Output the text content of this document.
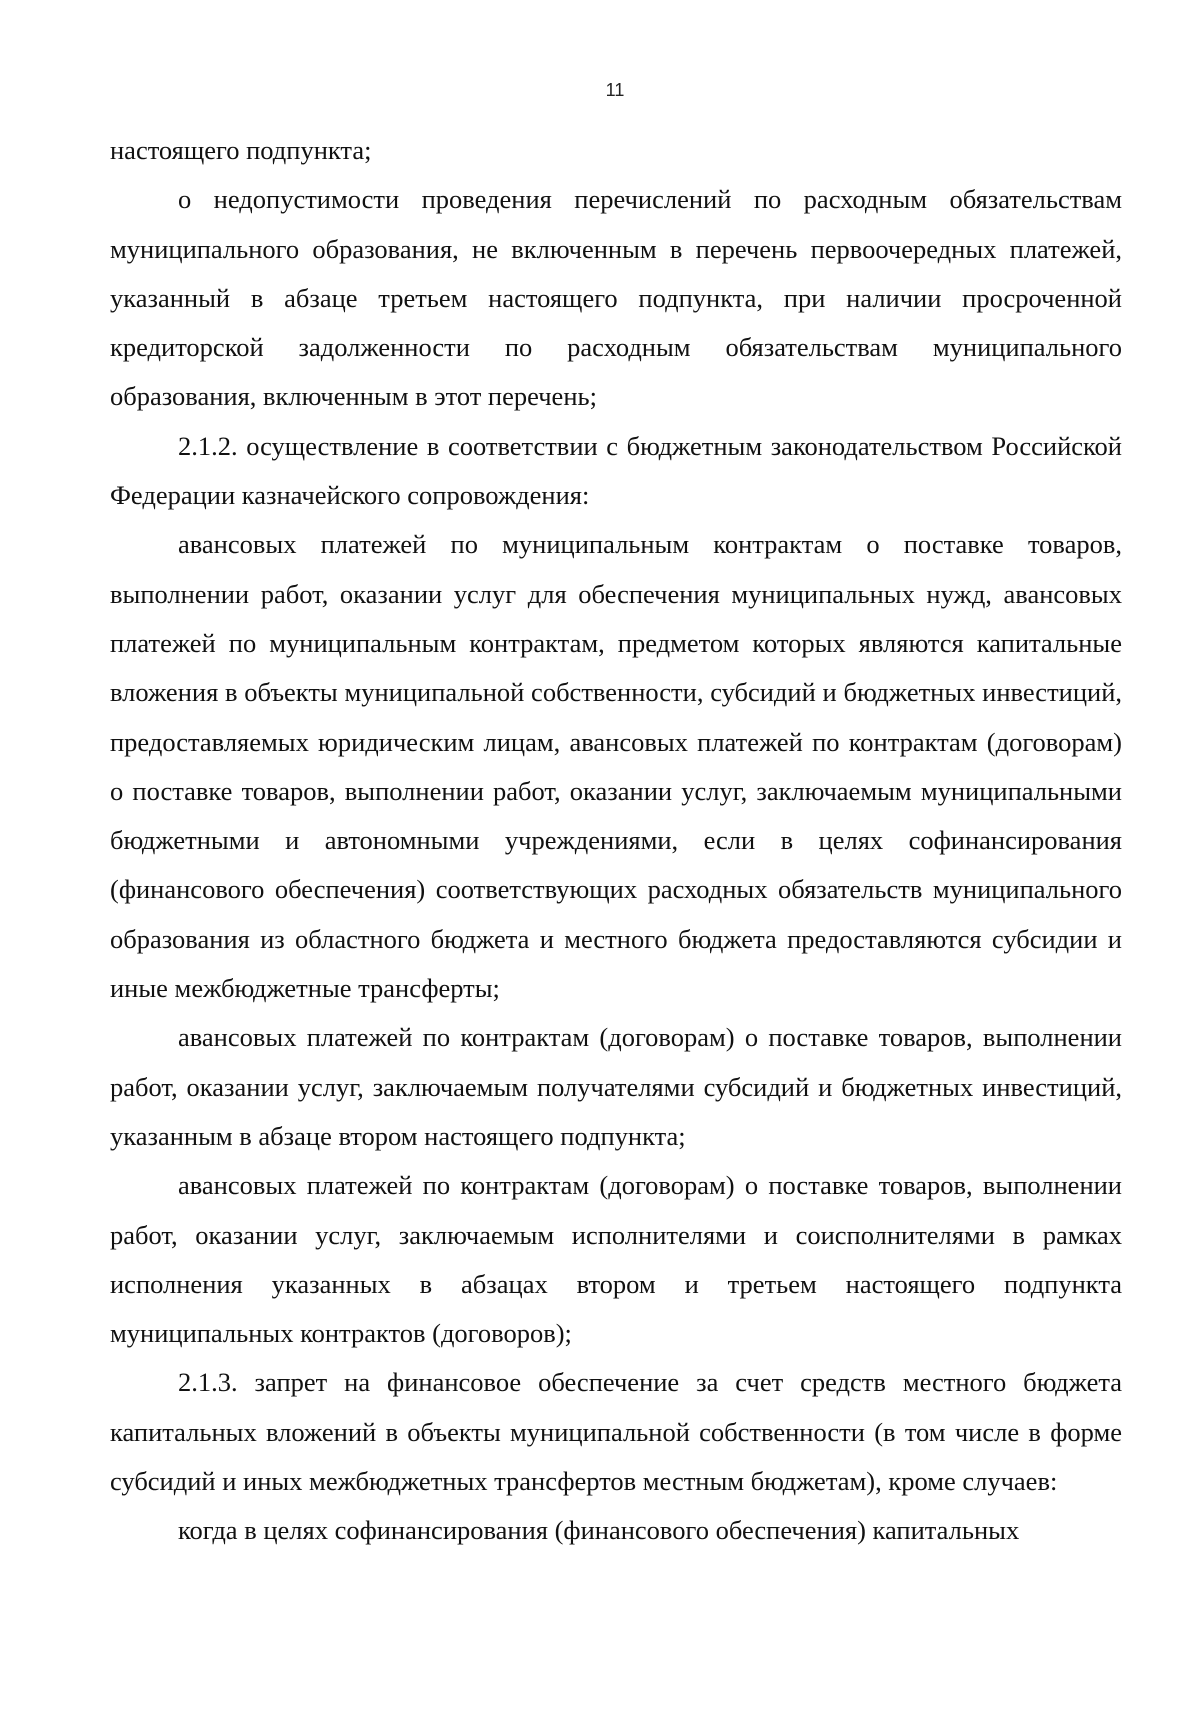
11

настоящего подпункта;

о недопустимости проведения перечислений по расходным обязательствам муниципального образования, не включенным в перечень первоочередных платежей, указанный в абзаце третьем настоящего подпункта, при наличии просроченной кредиторской задолженности по расходным обязательствам муниципального образования, включенным в этот перечень;

2.1.2. осуществление в соответствии с бюджетным законодательством Российской Федерации казначейского сопровождения:

авансовых платежей по муниципальным контрактам о поставке товаров, выполнении работ, оказании услуг для обеспечения муниципальных нужд, авансовых платежей по муниципальным контрактам, предметом которых являются капитальные вложения в объекты муниципальной собственности, субсидий и бюджетных инвестиций, предоставляемых юридическим лицам, авансовых платежей по контрактам (договорам) о поставке товаров, выполнении работ, оказании услуг, заключаемым муниципальными бюджетными и автономными учреждениями, если в целях софинансирования (финансового обеспечения) соответствующих расходных обязательств муниципального образования из областного бюджета и местного бюджета предоставляются субсидии и иные межбюджетные трансферты;

авансовых платежей по контрактам (договорам) о поставке товаров, выполнении работ, оказании услуг, заключаемым получателями субсидий и бюджетных инвестиций, указанным в абзаце втором настоящего подпункта;

авансовых платежей по контрактам (договорам) о поставке товаров, выполнении работ, оказании услуг, заключаемым исполнителями и соисполнителями в рамках исполнения указанных в абзацах втором и третьем настоящего подпункта муниципальных контрактов (договоров);

2.1.3. запрет на финансовое обеспечение за счет средств местного бюджета капитальных вложений в объекты муниципальной собственности (в том числе в форме субсидий и иных межбюджетных трансфертов местным бюджетам), кроме случаев:

когда в целях софинансирования (финансового обеспечения) капитальных
